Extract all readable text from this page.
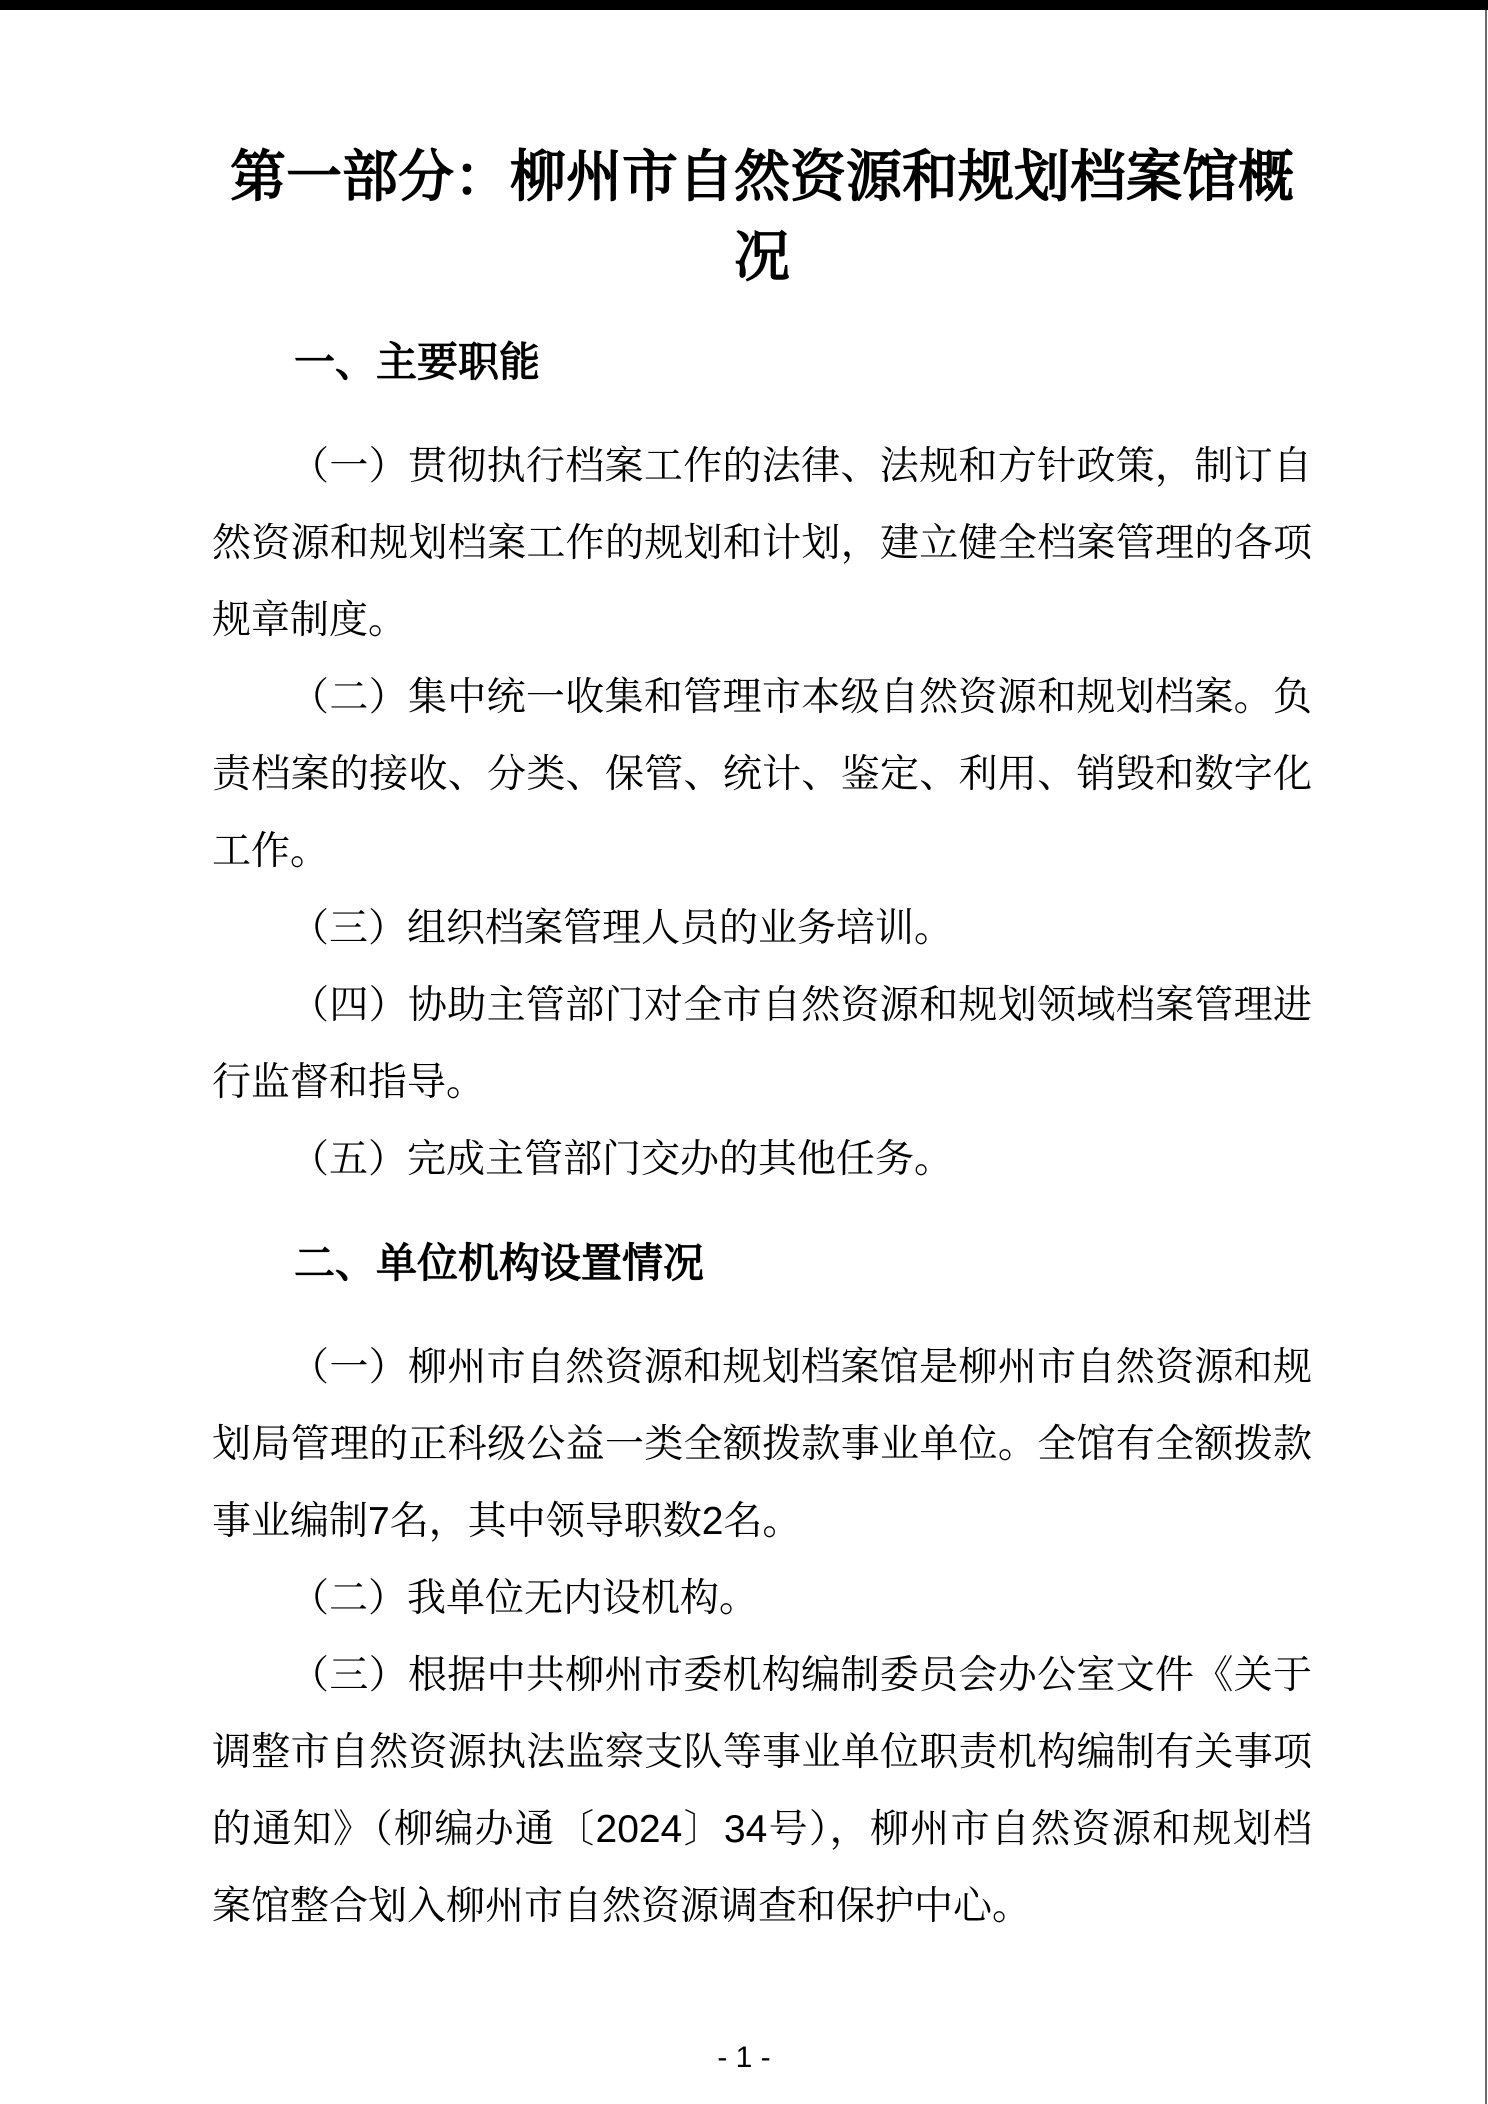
第一部分：柳州市自然资源和规划档案馆概况
一、主要职能

（一）贯彻执行档案工作的法律、法规和方针政策，制订自然资源和规划档案工作的规划和计划，建立健全档案管理的各项规章制度。

（二）集中统一收集和管理市本级自然资源和规划档案。负责档案的接收、分类、保管、统计、鉴定、利用、销毁和数字化工作。

（三）组织档案管理人员的业务培训。

（四）协助主管部门对全市自然资源和规划领域档案管理进行监督和指导。

（五）完成主管部门交办的其他任务。

二、单位机构设置情况

（一）柳州市自然资源和规划档案馆是柳州市自然资源和规划局管理的正科级公益一类全额拨款事业单位。全馆有全额拨款事业编制7名，其中领导职数2名。

（二）我单位无内设机构。

（三）根据中共柳州市委机构编制委员会办公室文件《关于调整市自然资源执法监察支队等事业单位职责机构编制有关事项的通知》（柳编办通〔2024〕34号），柳州市自然资源和规划档案馆整合划入柳州市自然资源调查和保护中心。

- 1 -
